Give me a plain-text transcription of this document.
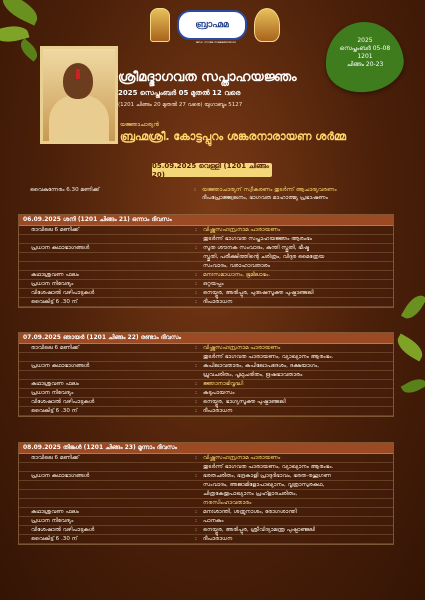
ബ്രാഹ്മമ
ജഡ. സാമേ സമമമയായാടാ	2025
സെപ്തംബർ 05-08
1201
ചിങ്ങം 20-23
ശ്രീമദ്ഭാഗവത സപ്താഹയജ്ഞം
2025 സെപ്തംബർ 05 മുതൽ 12 വരെ
(1201 ചിങ്ങം 20 മുതൽ 27 വരെ) യുഗാബ്ദം 5127
യജ്ഞാചാര്യൻ
ബ്രഹ്മശ്രീ. കോട്ടപ്പുറം ശങ്കരനാരായണ ശർമ്മ
05.09.2025 വെള്ളി (1201 ചിങ്ങം 20)
വൈകുന്നേരം 6.30 മണിക്ക്	:	യജ്ഞാചാര്യന് സ്വീകരണം തുടർന്ന് ആചാര്യവരണം
ദീപപ്രോജ്ജ്വലനം, ഭാഗവത മാഹാത്മ്യ പ്രഭാഷണം
06.09.2025 ശനി (1201 ചിങ്ങം 21) ഒന്നാം ദിവസം
രാവിലെ 6 മണിക്ക്	:	വിഷ്ണുസഹസ്രനാമ പാരായണം
തുടർന്ന് ഭാഗവത സപ്താഹയജ്ഞം ആരംഭം
പ്രധാന കഥാഭാഗങ്ങൾ	:	സൂത ശൗനക സംവാദം, കുന്തി സ്തുതി, ഭീഷ്മ
സ്തുതി, പരീക്ഷിത്തിന്റെ ചരിത്രം, വിദുര മൈത്രേയ
സംവാദം, വരാഹാവതാരം
കഥാശ്രവണ ഫലം	:	മനഃസമാധാനം, ഭൂമിലാഭം.
പ്രധാന നിവേദ്യം	:	ഒറ്റയപ്പം
വിശേഷാൽ വഴിപാടുകൾ	:	നെയ്പ്പുര, അരിപ്പുര, പുരുഷസൂക്ത പുഷ്പാഞ്ജലി
വൈകിട്ട് 6 .30 ന്	:	ദീപാരാധന
07.09.2025 ഞായർ (1201 ചിങ്ങം 22) രണ്ടാം ദിവസം
രാവിലെ 6 മണിക്ക്	:	വിഷ്ണുസഹസ്രനാമ പാരായണം
തുടർന്ന് ഭാഗവത പാരായണം, വ്യാഖ്യാനം ആരംഭം.
പ്രധാന കഥാഭാഗങ്ങൾ	:	കപിലാവതാരം, കപിലോപദേശം, ദക്ഷയാഗം,
ധ്രുവചരിതം, പൃഥുചരിതം, ഋഷഭാവതാരം
കഥാശ്രവണ ഫലം	:	ജ്ഞാനാഭിവൃദ്ധി
പ്രധാന നിവേദ്യം	:	കടുപായസം
വിശേഷാൽ വഴിപാടുകൾ	:	നെയ്പ്പുര, ഭാഗ്യസൂക്ത പുഷ്പാഞ്ജലി
വൈകിട്ട് 6 .30 ന്	:	ദീപാരാധന
08.09.2025 തിങ്കൾ (1201 ചിങ്ങം 23) മൂന്നാം ദിവസം
രാവിലെ 6 മണിക്ക്	:	വിഷ്ണുസഹസ്രനാമ പാരായണം
തുടർന്ന് ഭാഗവത പാരായണം, വ്യാഖ്യാനം ആരംഭം.
പ്രധാന കഥാഭാഗങ്ങൾ	:	ഭരതചരിതം, ഭദ്രകാളി പ്രാദുർഭാവം, ഭരത-രഹൂഗണ
സംവാദം, അജാമിളോപാഖ്യാനം, വൃത്രാസുരകഥ,
ചിത്രകേതൂപാഖ്യാനം പ്രഹ്ളാദചരിതം,
നരസിംഹാവതാരം
കഥാശ്രവണ ഫലം	:	മനഃശാന്തി, ശത്രുനാശം, രോഗശാന്തി
പ്രധാന നിവേദ്യം	:	പാനകം
വിശേഷാൽ വഴിപാടുകൾ	:	നെയ്പ്പുര, അരിപ്പുര, ശ്രീവിദ്യാമന്ത്ര പുഷ്പാഞ്ജലി
വൈകിട്ട് 6 .30 ന്	:	ദീപാരാധന
